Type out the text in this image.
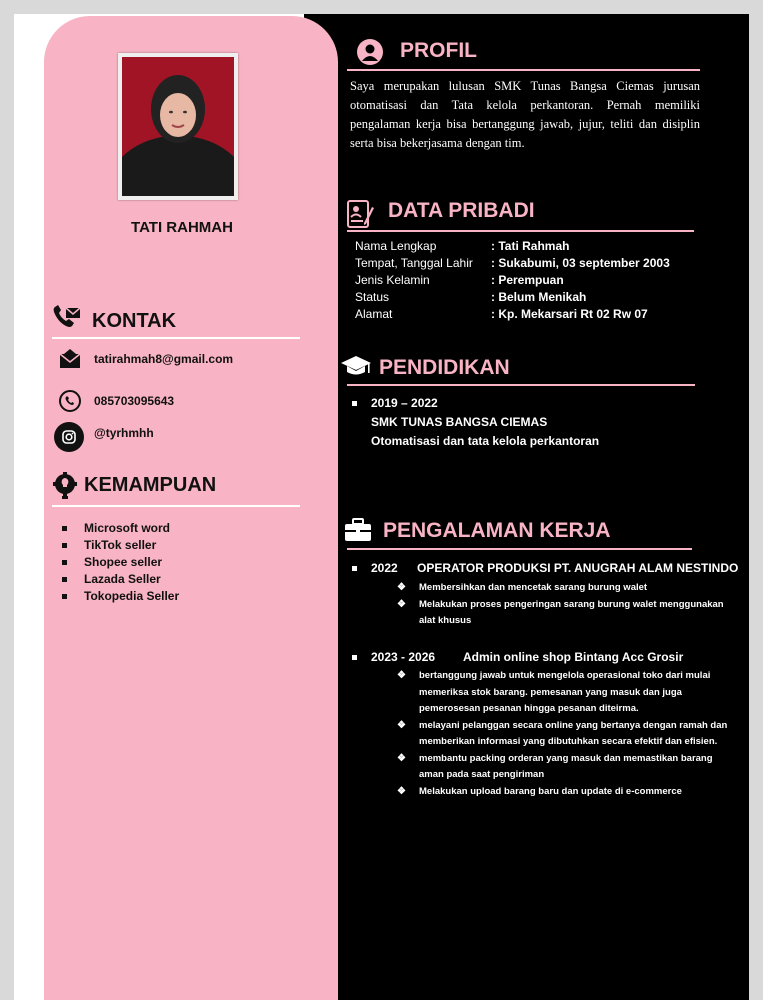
TATI RAHMAH
KONTAK
tatirahmah8@gmail.com
085703095643
@tyrhmhh
KEMAMPUAN
Microsoft word
TikTok seller
Shopee seller
Lazada Seller
Tokopedia Seller
PROFIL
Saya merupakan lulusan SMK Tunas Bangsa Ciemas jurusan otomatisasi dan Tata kelola perkantoran. Pernah memiliki pengalaman kerja bisa bertanggung jawab, jujur, teliti dan disiplin serta bisa bekerjasama dengan tim.
DATA PRIBADI
Nama Lengkap	: Tati Rahmah
Tempat, Tanggal Lahir : Sukabumi, 03 september 2003
Jenis Kelamin	: Perempuan
Status	: Belum Menikah
Alamat	: Kp. Mekarsari Rt 02 Rw 07
PENDIDIKAN
2019 – 2022
SMK TUNAS BANGSA CIEMAS
Otomatisasi dan tata kelola perkantoran
PENGALAMAN KERJA
2022 OPERATOR PRODUKSI PT. ANUGRAH ALAM NESTINDO
❖ Membersihkan dan mencetak sarang burung walet
❖ Melakukan proses pengeringan sarang burung walet menggunakan
alat khusus
2023 - 2026 Admin online shop Bintang Acc Grosir
❖ bertanggung jawab untuk mengelola operasional toko dari mulai
memeriksa stok barang. pemesanan yang masuk dan juga
pemerosesan pesanan hingga pesanan diteirma.
❖ melayani pelanggan secara online yang bertanya dengan ramah dan
memberikan informasi yang dibutuhkan secara efektif dan efisien.
❖ membantu packing orderan yang masuk dan memastikan barang
aman pada saat pengiriman
❖ Melakukan upload barang baru dan update di e-commerce
